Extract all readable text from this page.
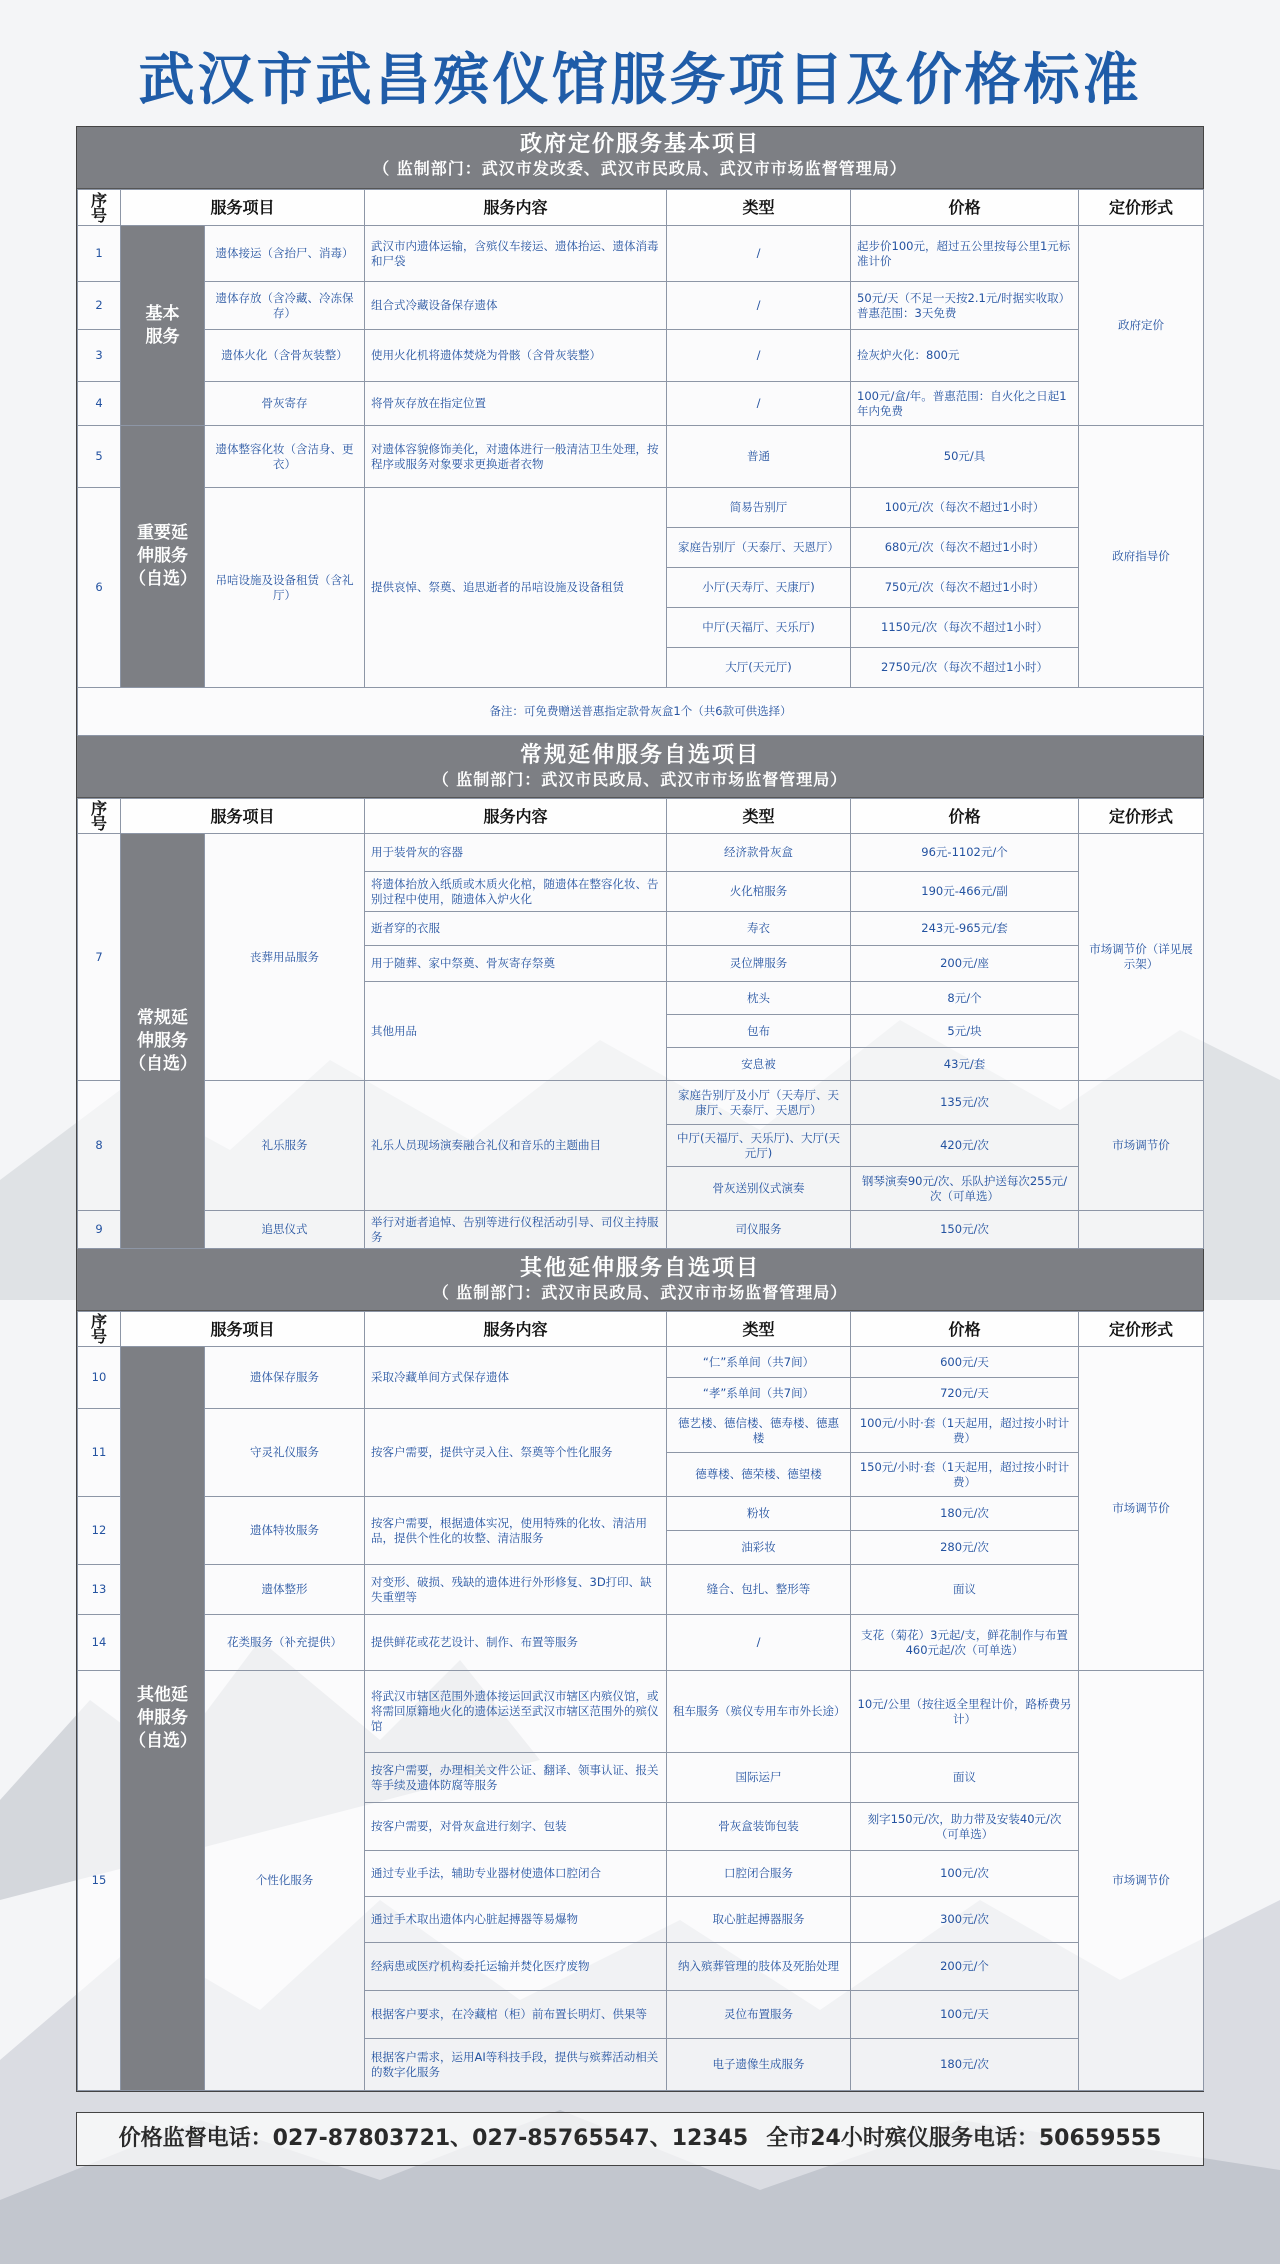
武汉市武昌殡仪馆服务项目及价格标准
政府定价服务基本项目
（ 监制部门：武汉市发改委、武汉市民政局、武汉市市场监督管理局）
序号	服务项目		服务内容	类型	价格	定价形式
1	基本服务	遗体接运（含抬尸、消毒）	武汉市内遗体运输，含殡仪车接运、遗体抬运、遗体消毒和尸袋	/	起步价100元，超过五公里按每公里1元标准计价	政府定价
2		遗体存放（含冷藏、冷冻保存）	组合式冷藏设备保存遗体	/	50元/天（不足一天按2.1元/时据实收取）普惠范围：3天免费	
3		遗体火化（含骨灰装整）	使用火化机将遗体焚烧为骨骸（含骨灰装整）	/	捡灰炉火化：800元	
4		骨灰寄存	将骨灰存放在指定位置	/	100元/盒/年。普惠范围：自火化之日起1年内免费	
5	重要延伸服务（自选）	遗体整容化妆（含洁身、更衣）	对遗体容貌修饰美化，对遗体进行一般清洁卫生处理，按程序或服务对象要求更换逝者衣物	普通	50元/具	政府指导价
6		吊唁设施及设备租赁（含礼厅）	提供哀悼、祭奠、追思逝者的吊唁设施及设备租赁	简易告别厅	100元/次（每次不超过1小时）	
				家庭告别厅（天泰厅、天恩厅）	680元/次（每次不超过1小时）	
				小厅(天寿厅、天康厅)	750元/次（每次不超过1小时）	
				中厅(天福厅、天乐厅)	1150元/次（每次不超过1小时）	
				大厅(天元厅)	2750元/次（每次不超过1小时）	
备注：可免费赠送普惠指定款骨灰盒1个（共6款可供选择）						
常规延伸服务自选项目
（ 监制部门：武汉市民政局、武汉市市场监督管理局）
序号	服务项目		服务内容	类型	价格	定价形式
7	常规延伸服务（自选）	丧葬用品服务	用于装骨灰的容器	经济款骨灰盒	96元-1102元/个	市场调节价（详见展示架）
			将遗体抬放入纸质或木质火化棺，随遗体在整容化妆、告别过程中使用，随遗体入炉火化	火化棺服务	190元-466元/副	
			逝者穿的衣服	寿衣	243元-965元/套	
			用于随葬、家中祭奠、骨灰寄存祭奠	灵位牌服务	200元/座	
			其他用品	枕头	8元/个	
				包布	5元/块	
				安息被	43元/套	
8		礼乐服务	礼乐人员现场演奏融合礼仪和音乐的主题曲目	家庭告别厅及小厅（天寿厅、天康厅、天泰厅、天恩厅）	135元/次	市场调节价
				中厅(天福厅、天乐厅)、大厅(天元厅)	420元/次	
				骨灰送别仪式演奏	钢琴演奏90元/次、乐队护送每次255元/次（可单选）	
9		追思仪式	举行对逝者追悼、告别等进行仪程活动引导、司仪主持服务	司仪服务	150元/次	
其他延伸服务自选项目
（ 监制部门：武汉市民政局、武汉市市场监督管理局）
序号	服务项目		服务内容	类型	价格	定价形式
10	其他延伸服务（自选）	遗体保存服务	采取冷藏单间方式保存遗体	“仁”系单间（共7间）	600元/天	市场调节价
				“孝”系单间（共7间）	720元/天	
11		守灵礼仪服务	按客户需要，提供守灵入住、祭奠等个性化服务	德艺楼、德信楼、德寿楼、德惠楼	100元/小时·套（1天起用，超过按小时计费）	
				德尊楼、德荣楼、德望楼	150元/小时·套（1天起用，超过按小时计费）	
12		遗体特妆服务	按客户需要，根据遗体实况，使用特殊的化妆、清洁用品，提供个性化的妆整、清洁服务	粉妆	180元/次	
				油彩妆	280元/次	
13		遗体整形	对变形、破损、残缺的遗体进行外形修复、3D打印、缺失重塑等	缝合、包扎、整形等	面议	
14		花类服务（补充提供）	提供鲜花或花艺设计、制作、布置等服务	/	支花（菊花）3元起/支，鲜花制作与布置460元起/次（可单选）	
15		个性化服务	将武汉市辖区范围外遗体接运回武汉市辖区内殡仪馆，或将需回原籍地火化的遗体运送至武汉市辖区范围外的殡仪馆	租车服务（殡仪专用车市外长途）	10元/公里（按往返全里程计价，路桥费另计）	市场调节价
			按客户需要，办理相关文件公证、翻译、领事认证、报关等手续及遗体防腐等服务	国际运尸	面议	
			按客户需要，对骨灰盒进行刻字、包装	骨灰盒装饰包装	刻字150元/次，助力带及安装40元/次（可单选）	
			通过专业手法，辅助专业器材使遗体口腔闭合	口腔闭合服务	100元/次	
			通过手术取出遗体内心脏起搏器等易爆物	取心脏起搏器服务	300元/次	
			经病患或医疗机构委托运输并焚化医疗废物	纳入殡葬管理的肢体及死胎处理	200元/个	
			根据客户要求，在冷藏棺（柜）前布置长明灯、供果等	灵位布置服务	100元/天	
			根据客户需求，运用AI等科技手段，提供与殡葬活动相关的数字化服务	电子遗像生成服务	180元/次	
价格监督电话：027-87803721、027-85765547、12345 全市24小时殡仪服务电话：50659555
